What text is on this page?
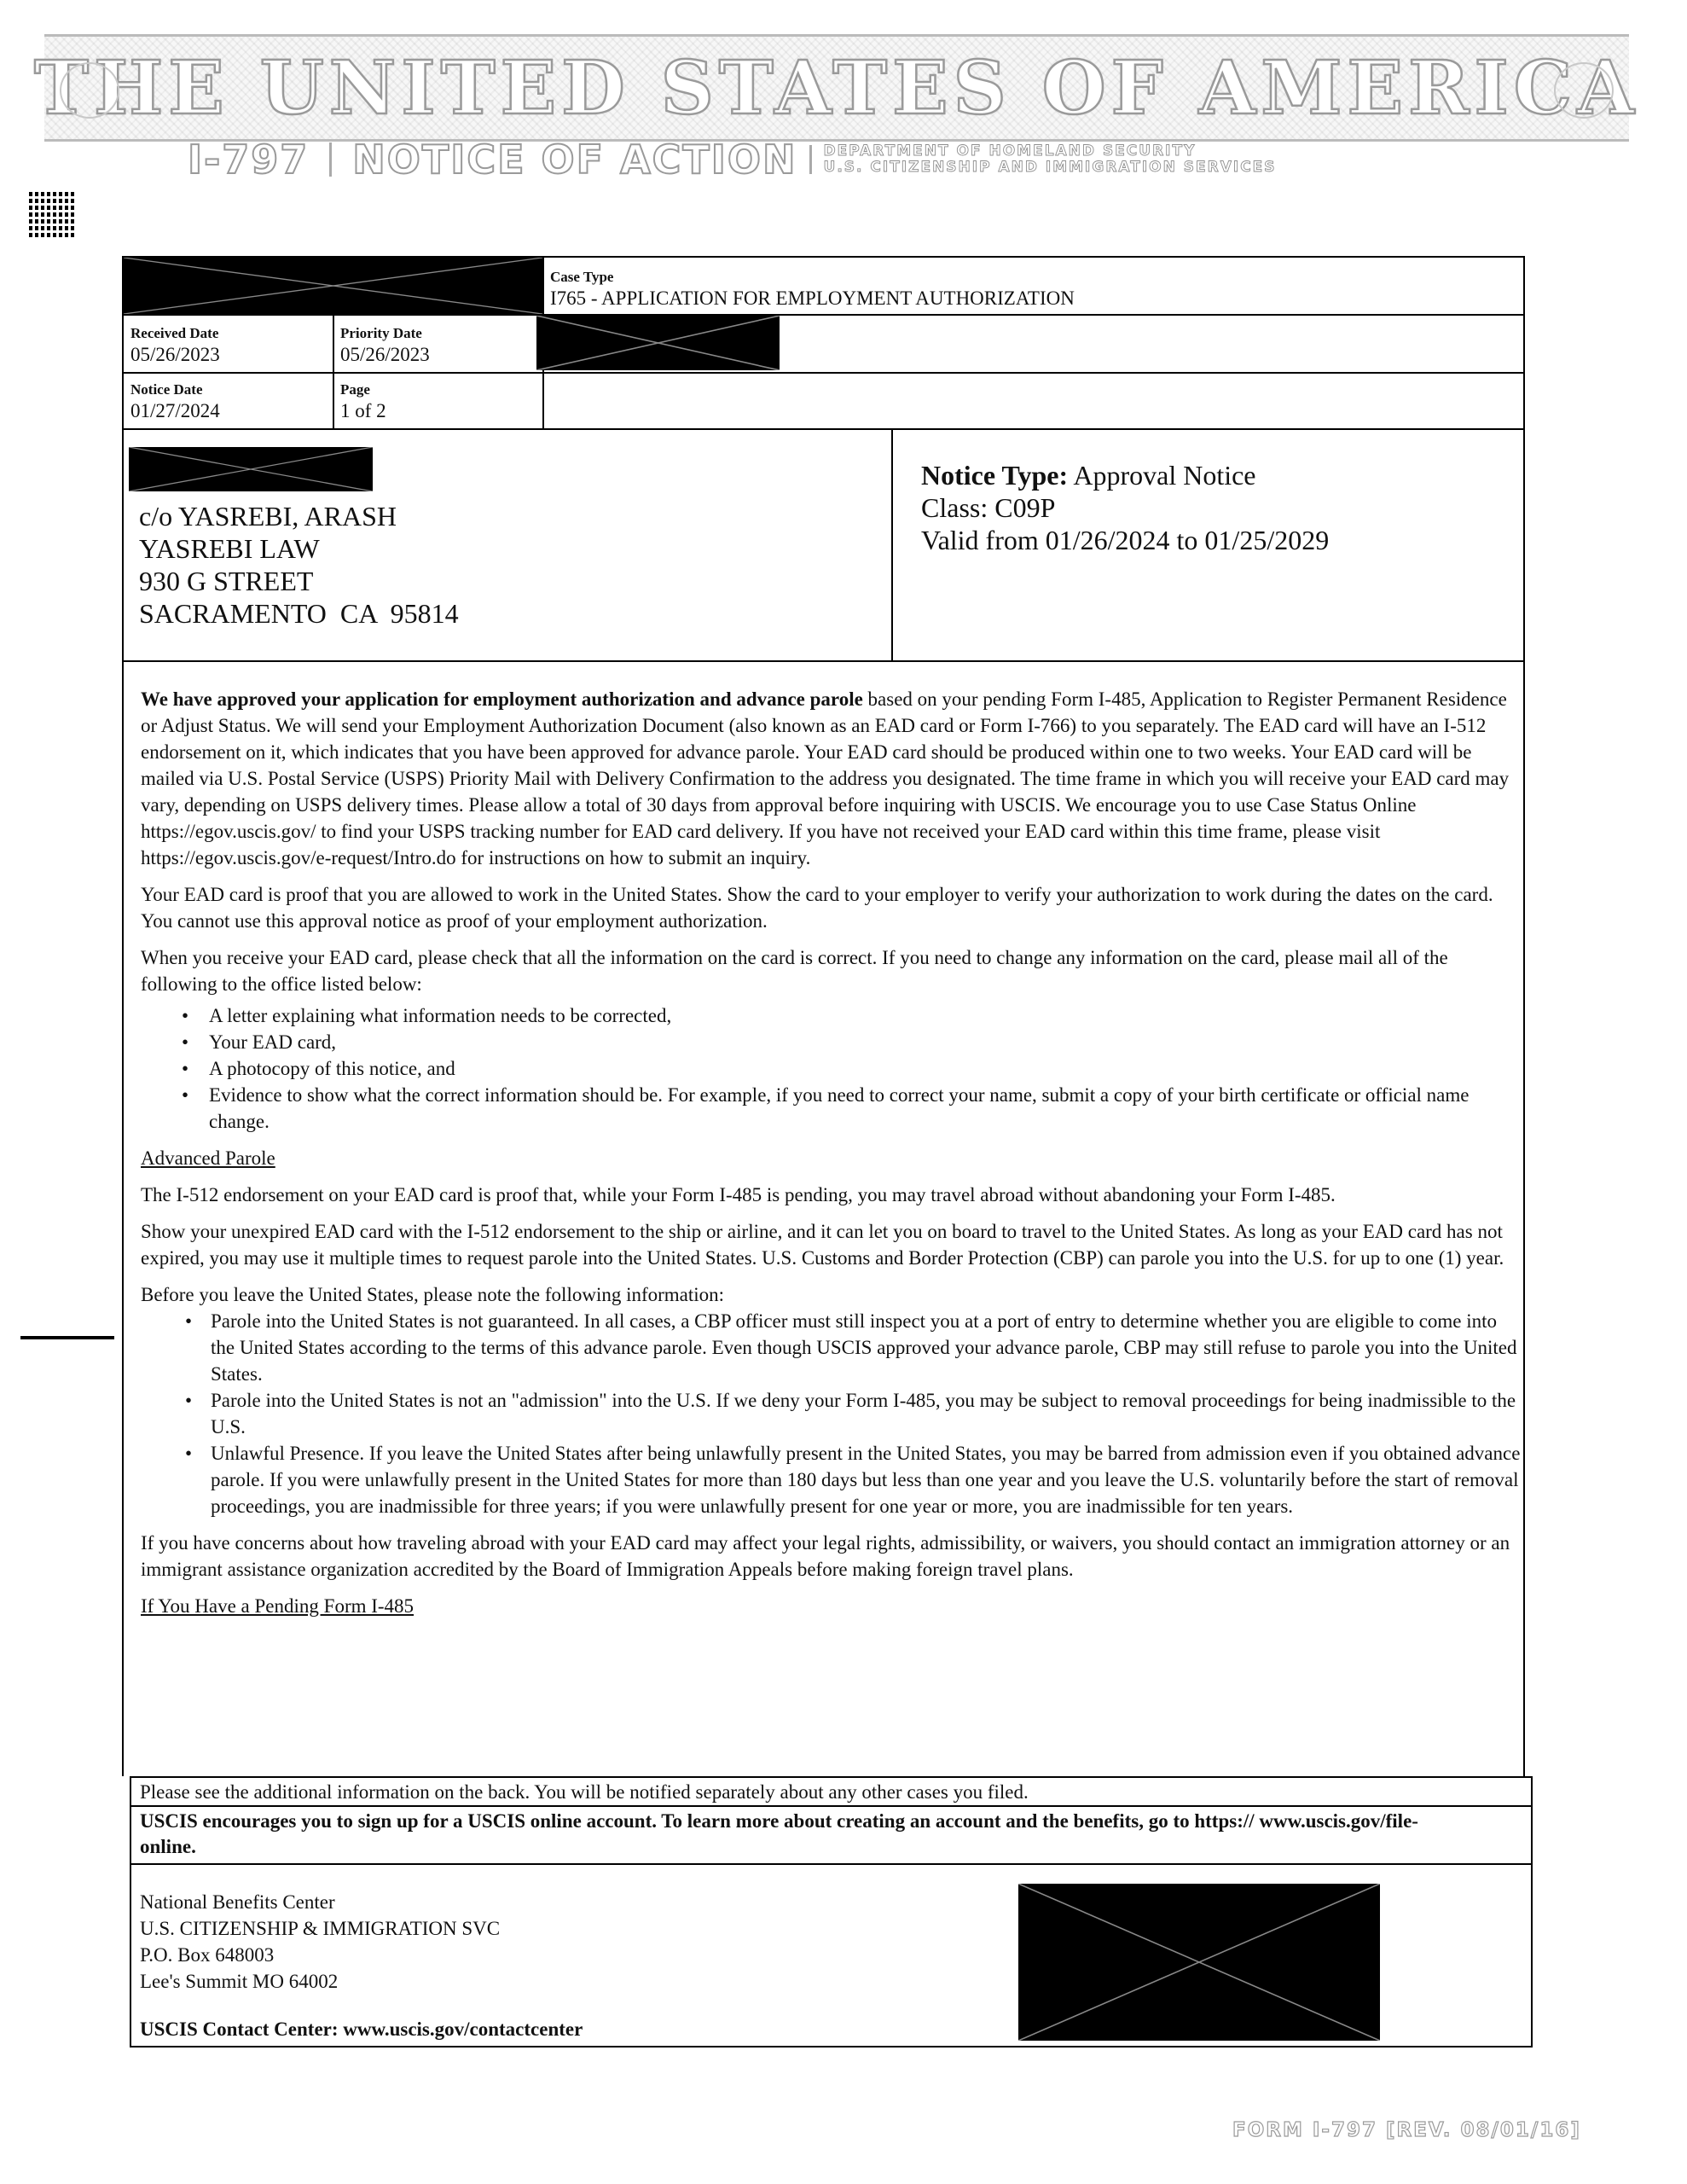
THE UNITED STATES OF AMERICA
I-797 NOTICE OF ACTION DEPARTMENT OF HOMELAND SECURITY
U.S. CITIZENSHIP AND IMMIGRATION SERVICES
Case Type
I765 - APPLICATION FOR EMPLOYMENT AUTHORIZATION
Received Date
05/26/2023
Priority Date
05/26/2023
Notice Date
01/27/2024
Page
1 of 2
c/o YASREBI, ARASH
YASREBI LAW
930 G STREET
SACRAMENTO  CA  95814
Notice Type: Approval Notice
Class: C09P
Valid from 01/26/2024 to 01/25/2029

We have approved your application for employment authorization and advance parole based on your pending Form I-485, Application to Register Permanent Residence or Adjust Status. We will send your Employment Authorization Document (also known as an EAD card or Form I-766) to you separately. The EAD card will have an I-512 endorsement on it, which indicates that you have been approved for advance parole. Your EAD card should be produced within one to two weeks. Your EAD card will be mailed via U.S. Postal Service (USPS) Priority Mail with Delivery Confirmation to the address you designated. The time frame in which you will receive your EAD card may vary, depending on USPS delivery times. Please allow a total of 30 days from approval before inquiring with USCIS. We encourage you to use Case Status Online https://egov.uscis.gov/ to find your USPS tracking number for EAD card delivery. If you have not received your EAD card within this time frame, please visit https://egov.uscis.gov/e-request/Intro.do for instructions on how to submit an inquiry.

Your EAD card is proof that you are allowed to work in the United States. Show the card to your employer to verify your authorization to work during the dates on the card. You cannot use this approval notice as proof of your employment authorization.

When you receive your EAD card, please check that all the information on the card is correct. If you need to change any information on the card, please mail all of the following to the office listed below:

• A letter explaining what information needs to be corrected,
• Your EAD card,
• A photocopy of this notice, and
• Evidence to show what the correct information should be. For example, if you need to correct your name, submit a copy of your birth certificate or official name change.

Advanced Parole

The I-512 endorsement on your EAD card is proof that, while your Form I-485 is pending, you may travel abroad without abandoning your Form I-485.

Show your unexpired EAD card with the I-512 endorsement to the ship or airline, and it can let you on board to travel to the United States. As long as your EAD card has not expired, you may use it multiple times to request parole into the United States. U.S. Customs and Border Protection (CBP) can parole you into the U.S. for up to one (1) year.

Before you leave the United States, please note the following information:

• Parole into the United States is not guaranteed. In all cases, a CBP officer must still inspect you at a port of entry to determine whether you are eligible to come into the United States according to the terms of this advance parole. Even though USCIS approved your advance parole, CBP may still refuse to parole you into the United States.
• Parole into the United States is not an "admission" into the U.S. If we deny your Form I-485, you may be subject to removal proceedings for being inadmissible to the U.S.
• Unlawful Presence. If you leave the United States after being unlawfully present in the United States, you may be barred from admission even if you obtained advance parole. If you were unlawfully present in the United States for more than 180 days but less than one year and you leave the U.S. voluntarily before the start of removal proceedings, you are inadmissible for three years; if you were unlawfully present for one year or more, you are inadmissible for ten years.

If you have concerns about how traveling abroad with your EAD card may affect your legal rights, admissibility, or waivers, you should contact an immigration attorney or an immigrant assistance organization accredited by the Board of Immigration Appeals before making foreign travel plans.

If You Have a Pending Form I-485

Please see the additional information on the back. You will be notified separately about any other cases you filed.
USCIS encourages you to sign up for a USCIS online account. To learn more about creating an account and the benefits, go to https:// www.uscis.gov/file-online.
National Benefits Center
U.S. CITIZENSHIP & IMMIGRATION SVC
P.O. Box 648003
Lee's Summit MO 64002
USCIS Contact Center: www.uscis.gov/contactcenter
FORM I-797 [REV. 08/01/16]
